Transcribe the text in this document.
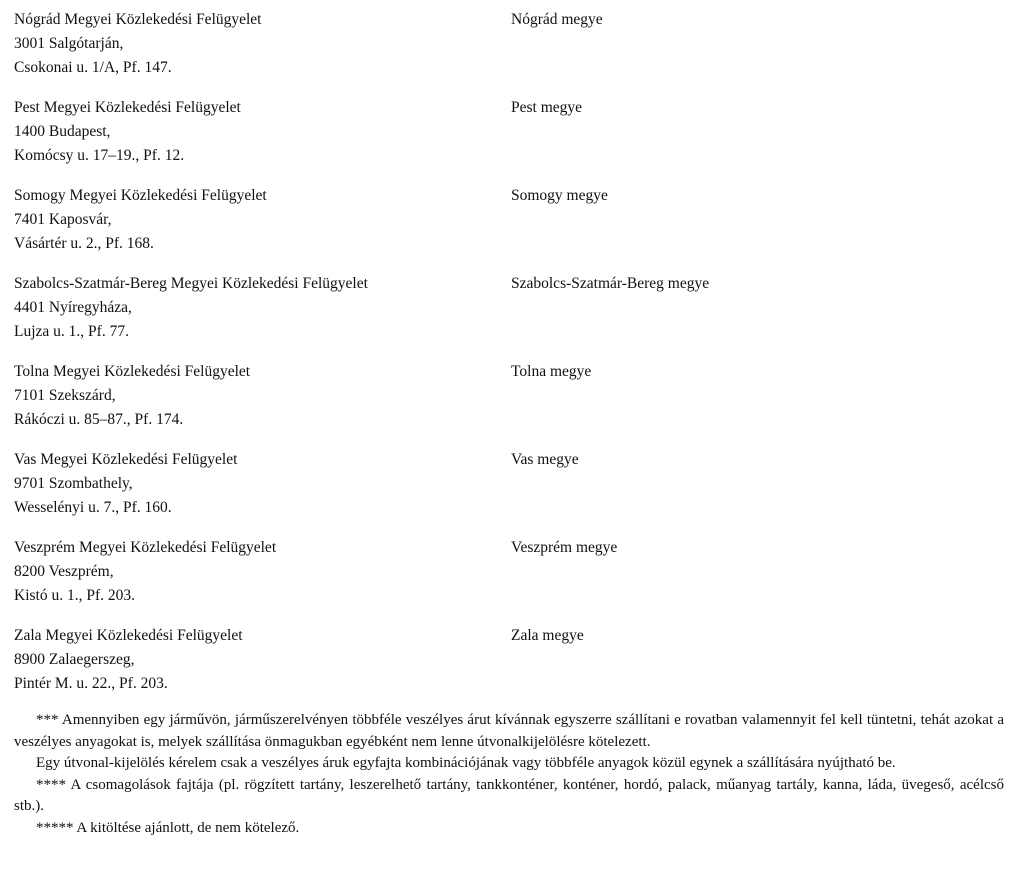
Nógrád Megyei Közlekedési Felügyelet
3001 Salgótarján,
Csokonai u. 1/A, Pf. 147.
Nógrád megye
Pest Megyei Közlekedési Felügyelet
1400 Budapest,
Komócsy u. 17–19., Pf. 12.
Pest megye
Somogy Megyei Közlekedési Felügyelet
7401 Kaposvár,
Vásártér u. 2., Pf. 168.
Somogy megye
Szabolcs-Szatmár-Bereg Megyei Közlekedési Felügyelet
4401 Nyíregyháza,
Lujza u. 1., Pf. 77.
Szabolcs-Szatmár-Bereg megye
Tolna Megyei Közlekedési Felügyelet
7101 Szekszárd,
Rákóczi u. 85–87., Pf. 174.
Tolna megye
Vas Megyei Közlekedési Felügyelet
9701 Szombathely,
Wesselényi u. 7., Pf. 160.
Vas megye
Veszprém Megyei Közlekedési Felügyelet
8200 Veszprém,
Kistó u. 1., Pf. 203.
Veszprém megye
Zala Megyei Közlekedési Felügyelet
8900 Zalaegerszeg,
Pintér M. u. 22., Pf. 203.
Zala megye

*** Amennyiben egy járművön, járműszerelvényen többféle veszélyes árut kívánnak egyszerre szállítani e rovatban valamennyit fel kell tüntetni, tehát azokat a veszélyes anyagokat is, melyek szállítása önmagukban egyébként nem lenne útvonalkijelölésre kötelezett.

Egy útvonal-kijelölés kérelem csak a veszélyes áruk egyfajta kombinációjának vagy többféle anyagok közül egynek a szállítására nyújtható be.

**** A csomagolások fajtája (pl. rögzített tartány, leszerelhető tartány, tankkonténer, konténer, hordó, palack, műanyag tartály, kanna, láda, üvegeső, acélcső stb.).

***** A kitöltése ajánlott, de nem kötelező.
